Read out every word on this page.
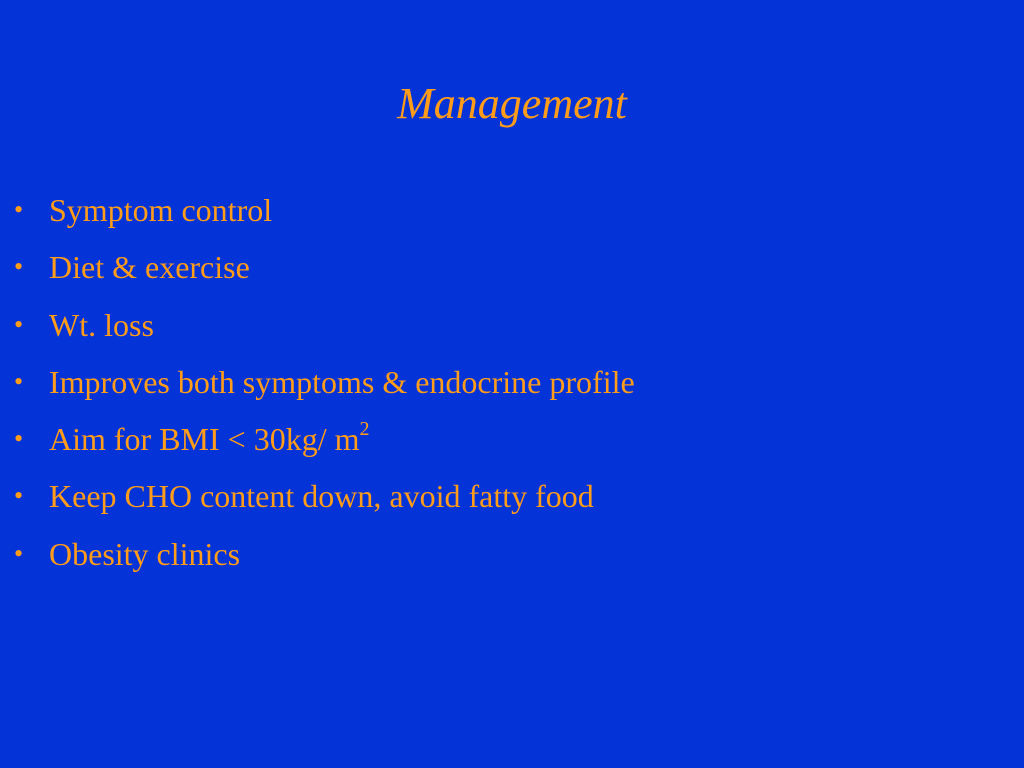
Management
• Symptom control
• Diet & exercise
• Wt. loss
• Improves both symptoms & endocrine profile
• Aim for BMI < 30kg/ $m^2$
• Keep CHO content down, avoid fatty food
• Obesity clinics
